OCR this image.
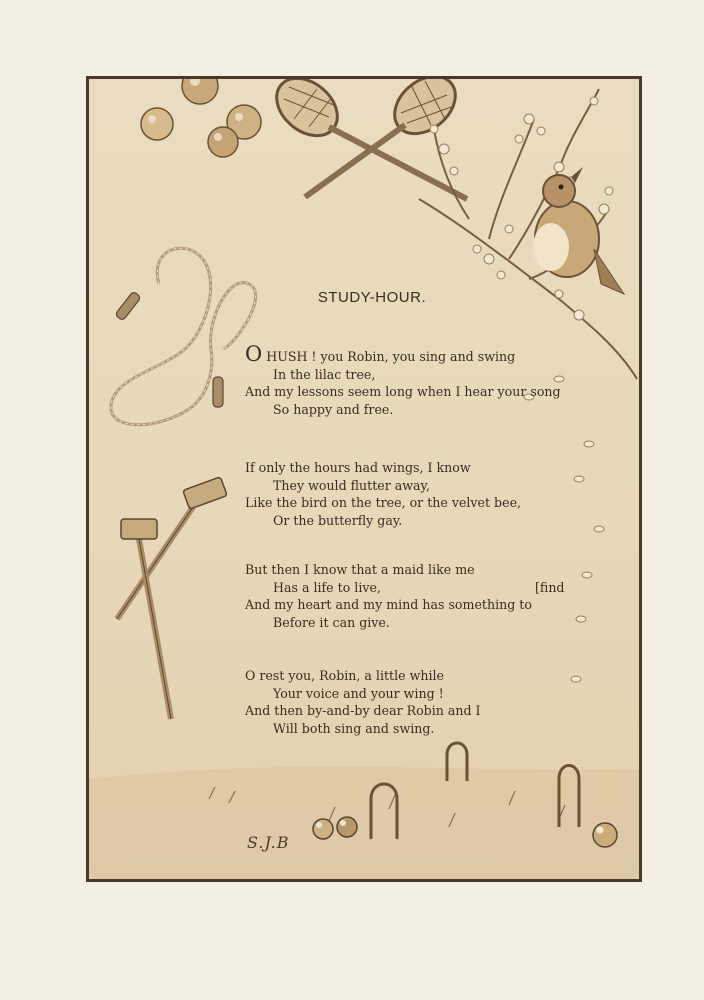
STUDY-HOUR.
O HUSH ! you Robin, you sing and swing
In the lilac tree,
And my lessons seem long when I hear your song
So happy and free.
If only the hours had wings, I know
They would flutter away,
Like the bird on the tree, or the velvet bee,
Or the butterfly gay.
But then I know that a maid like me
Has a life to live,
And my heart and my mind has something to
Before it can give.
[find
O rest you, Robin, a little while
Your voice and your wing !
And then by-and-by dear Robin and I
Will both sing and swing.
S.J.B
